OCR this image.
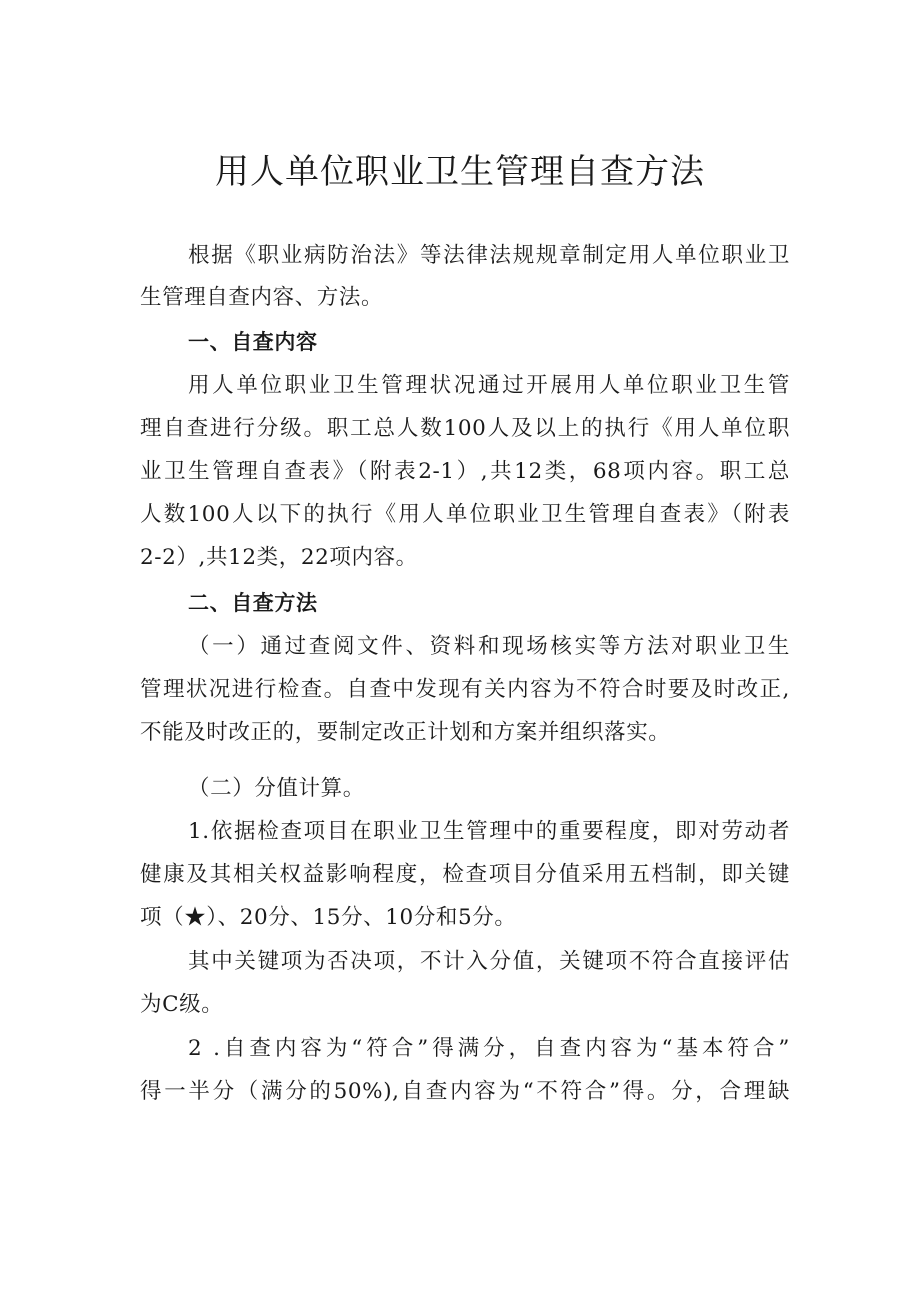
用人单位职业卫生管理自查方法

根据《职业病防治法》等法律法规规章制定用人单位职业卫

生管理自查内容、方法。

一、自查内容

用人单位职业卫生管理状况通过开展用人单位职业卫生管

理自查进行分级。职工总人数100人及以上的执行《用人单位职

业卫生管理自查表》（附表2-1）,共12类，68项内容。职工总

人数100人以下的执行《用人单位职业卫生管理自查表》（附表

2-2）,共12类，22项内容。

二、自查方法

（一）通过查阅文件、资料和现场核实等方法对职业卫生

管理状况进行检查。自查中发现有关内容为不符合时要及时改正,

不能及时改正的，要制定改正计划和方案并组织落实。

（二）分值计算。

1.依据检查项目在职业卫生管理中的重要程度，即对劳动者

健康及其相关权益影响程度，检查项目分值采用五档制，即关键

项（★）、20分、15分、10分和5分。

其中关键项为否决项，不计入分值，关键项不符合直接评估

为C级。

2 .自查内容为“符合”得满分，自查内容为“基本符合”

得一半分（满分的50%),自查内容为“不符合”得。分，合理缺
